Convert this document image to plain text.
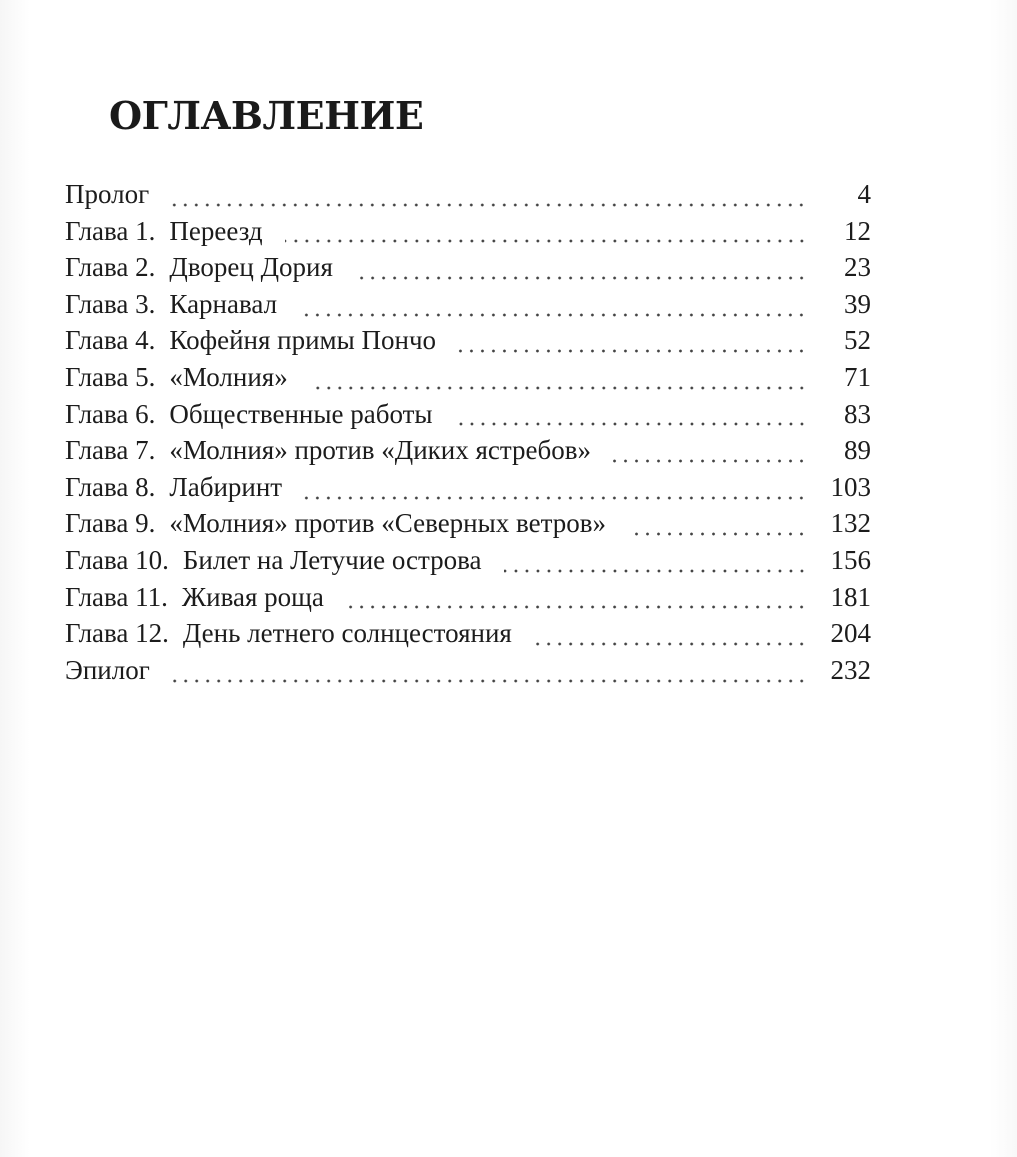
ОГЛАВЛЕНИЕ
Пролог	4
Глава 1. Переезд	12
Глава 2. Дворец Дория	23
Глава 3. Карнавал	39
Глава 4. Кофейня примы Пончо	52
Глава 5. «Молния»	71
Глава 6. Общественные работы	83
Глава 7. «Молния» против «Диких ястребов»	89
Глава 8. Лабиринт	103
Глава 9. «Молния» против «Северных ветров»	132
Глава 10. Билет на Летучие острова	156
Глава 11. Живая роща	181
Глава 12. День летнего солнцестояния	204
Эпилог	232
